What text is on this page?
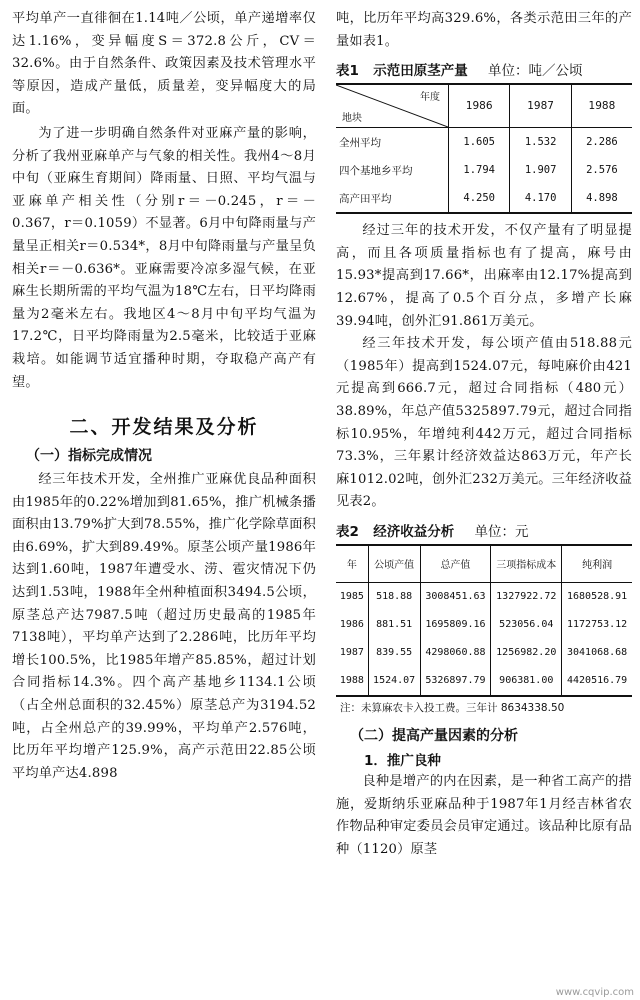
平均单产一直徘徊在1.14吨／公顷，单产递增率仅达1.16%，变异幅度S＝372.8公斤，CV＝32.6%。由于自然条件、政策因素及技术管理水平等原因，造成产量低，质量差，变异幅度大的局面。

为了进一步明确自然条件对亚麻产量的影响，分析了我州亚麻单产与气象的相关性。我州4～8月中旬（亚麻生育期间）降雨量、日照、平均气温与亚麻单产相关性（分别r＝－0.245，r＝－0.367，r＝0.1059）不显著。6月中旬降雨量与产量呈正相关r＝0.534*，8月中旬降雨量与产量呈负相关r＝－0.636*。亚麻需要冷凉多湿气候，在亚麻生长期所需的平均气温为18℃左右，日平均降雨量为2毫米左右。我地区4～8月中旬平均气温为17.2℃，日平均降雨量为2.5毫米，比较适于亚麻栽培。如能调节适宜播种时期，夺取稳产高产有望。

二、开发结果及分析
（一）指标完成情况

经三年技术开发，全州推广亚麻优良品种面积由1985年的0.22%增加到81.65%，推广机械条播面积由13.79%扩大到78.55%，推广化学除草面积由6.69%，扩大到89.49%。原茎公顷产量1986年达到1.60吨，1987年遭受水、涝、雹灾情况下仍达到1.53吨，1988年全州种植面积3494.5公顷，原茎总产达7987.5吨（超过历史最高的1985年7138吨），平均单产达到了2.286吨，比历年平均增长100.5%，比1985年增产85.85%，超过计划合同指标14.3%。四个高产基地乡1134.1公顷（占全州总面积的32.45%）原茎总产为3194.52吨，占全州总产的39.99%，平均单产2.576吨，比历年平均增产125.9%，高产示范田22.85公顷平均单产达4.898

吨，比历年平均高329.6%，各类示范田三年的产量如表1。

表1 示范田原茎产量 单位：吨／公顷
年度
地块	1986	1987	1988
全州平均	1.605	1.532	2.286
四个基地乡平均	1.794	1.907	2.576
高产田平均	4.250	4.170	4.898

经过三年的技术开发，不仅产量有了明显提高，而且各项质量指标也有了提高，麻号由15.93*提高到17.66*，出麻率由12.17%提高到12.67%，提高了0.5个百分点，多增产长麻39.94吨，创外汇91.861万美元。

经三年技术开发，每公顷产值由518.88元（1985年）提高到1524.07元，每吨麻价由421元提高到666.7元，超过合同指标（480元）38.89%，年总产值5325897.79元，超过合同指标10.95%，年增纯利442万元，超过合同指标73.3%，三年累计经济效益达863万元，年产长麻1012.02吨，创外汇232万美元。三年经济收益见表2。

表2 经济收益分析 单位：元
年	公顷产值	总产值	三项指标成本	纯利润
1985	518.88	3008451.63	1327922.72	1680528.91
1986	881.51	1695809.16	523056.04	1172753.12
1987	839.55	4298060.88	1256982.20	3041068.68
1988	1524.07	5326897.79	906381.00	4420516.79
注：未算麻农卡入投工费。三年计 8634338.50
（二）提高产量因素的分析
1．推广良种

良种是增产的内在因素，是一种省工高产的措施，爱斯纳乐亚麻品种于1987年1月经吉林省农作物品种审定委员会员审定通过。该品种比原有品种（1120）原茎

www.cqvip.com
